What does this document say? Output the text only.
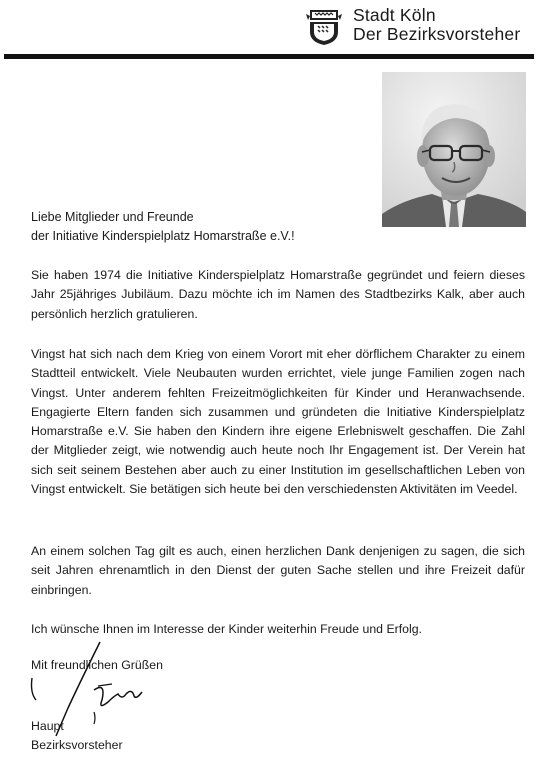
Stadt Köln
Der Bezirksvorsteher
Liebe Mitglieder und Freunde
der Initiative Kinderspielplatz Homarstraße e.V.!
Sie haben 1974 die Initiative Kinderspielplatz Homarstraße gegründet und feiern dieses Jahr 25jähriges Jubiläum. Dazu möchte ich im Namen des Stadtbezirks Kalk, aber auch persönlich herzlich gratulieren.
Vingst hat sich nach dem Krieg von einem Vorort mit eher dörflichem Charakter zu einem Stadtteil entwickelt. Viele Neubauten wurden errichtet, viele junge Familien zogen nach Vingst. Unter anderem fehlten Freizeitmöglichkeiten für Kinder und Heranwachsende. Engagierte Eltern fanden sich zusammen und gründeten die Initiative Kinderspielplatz Homarstraße e.V. Sie haben den Kindern ihre eigene Erlebniswelt geschaffen. Die Zahl der Mitglieder zeigt, wie notwendig auch heute noch Ihr Engagement ist. Der Verein hat sich seit seinem Bestehen aber auch zu einer Institution im gesellschaftlichen Leben von Vingst entwickelt. Sie betätigen sich heute bei den verschiedensten Aktivitäten im Veedel.
An einem solchen Tag gilt es auch, einen herzlichen Dank denjenigen zu sagen, die sich seit Jahren ehrenamtlich in den Dienst der guten Sache stellen und ihre Freizeit dafür einbringen.
Ich wünsche Ihnen im Interesse der Kinder weiterhin Freude und Erfolg.
Mit freundlichen Grüßen
Haupt
Bezirksvorsteher
